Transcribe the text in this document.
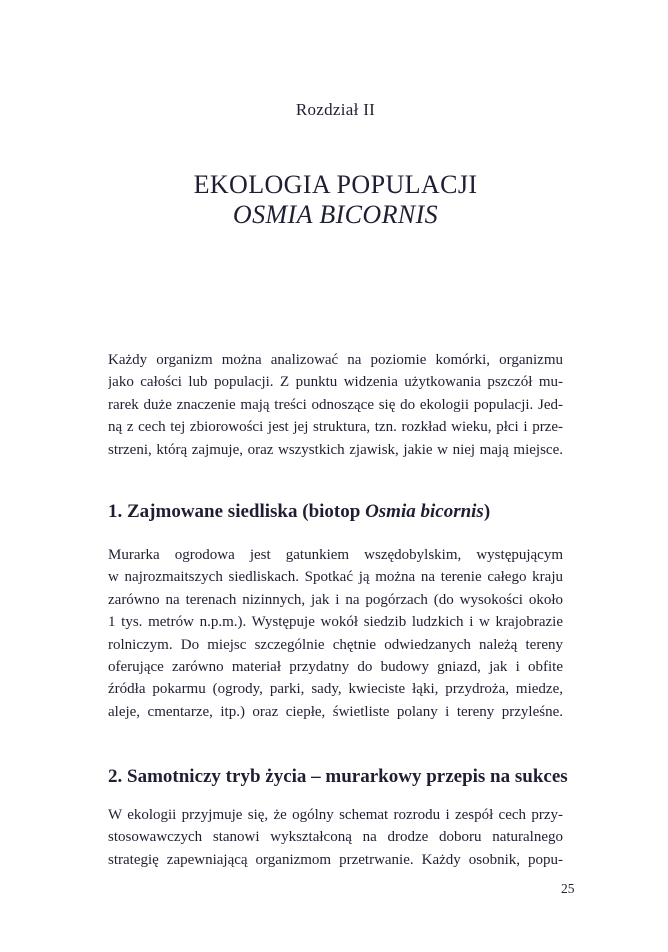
Rozdział II
EKOLOGIA POPULACJI
OSMIA BICORNIS
Każdy organizm można analizować na poziomie komórki, organizmu
jako całości lub populacji. Z punktu widzenia użytkowania pszczół mu-
rarek duże znaczenie mają treści odnoszące się do ekologii populacji. Jed-
ną z cech tej zbiorowości jest jej struktura, tzn. rozkład wieku, płci i prze-
strzeni, którą zajmuje, oraz wszystkich zjawisk, jakie w niej mają miejsce.
1. Zajmowane siedliska (biotop Osmia bicornis)
Murarka ogrodowa jest gatunkiem wszędobylskim, występującym
w najrozmaitszych siedliskach. Spotkać ją można na terenie całego kraju
zarówno na terenach nizinnych, jak i na pogórzach (do wysokości około
1 tys. metrów n.p.m.). Występuje wokół siedzib ludzkich i w krajobrazie
rolniczym. Do miejsc szczególnie chętnie odwiedzanych należą tereny
oferujące zarówno materiał przydatny do budowy gniazd, jak i obfite
źródła pokarmu (ogrody, parki, sady, kwieciste łąki, przydroża, miedze,
aleje, cmentarze, itp.) oraz ciepłe, świetliste polany i tereny przyleśne.
2. Samotniczy tryb życia – murarkowy przepis na sukces
W ekologii przyjmuje się, że ogólny schemat rozrodu i zespół cech przy-
stosowawczych stanowi wykształconą na drodze doboru naturalnego
strategię zapewniającą organizmom przetrwanie. Każdy osobnik, popu-
25
